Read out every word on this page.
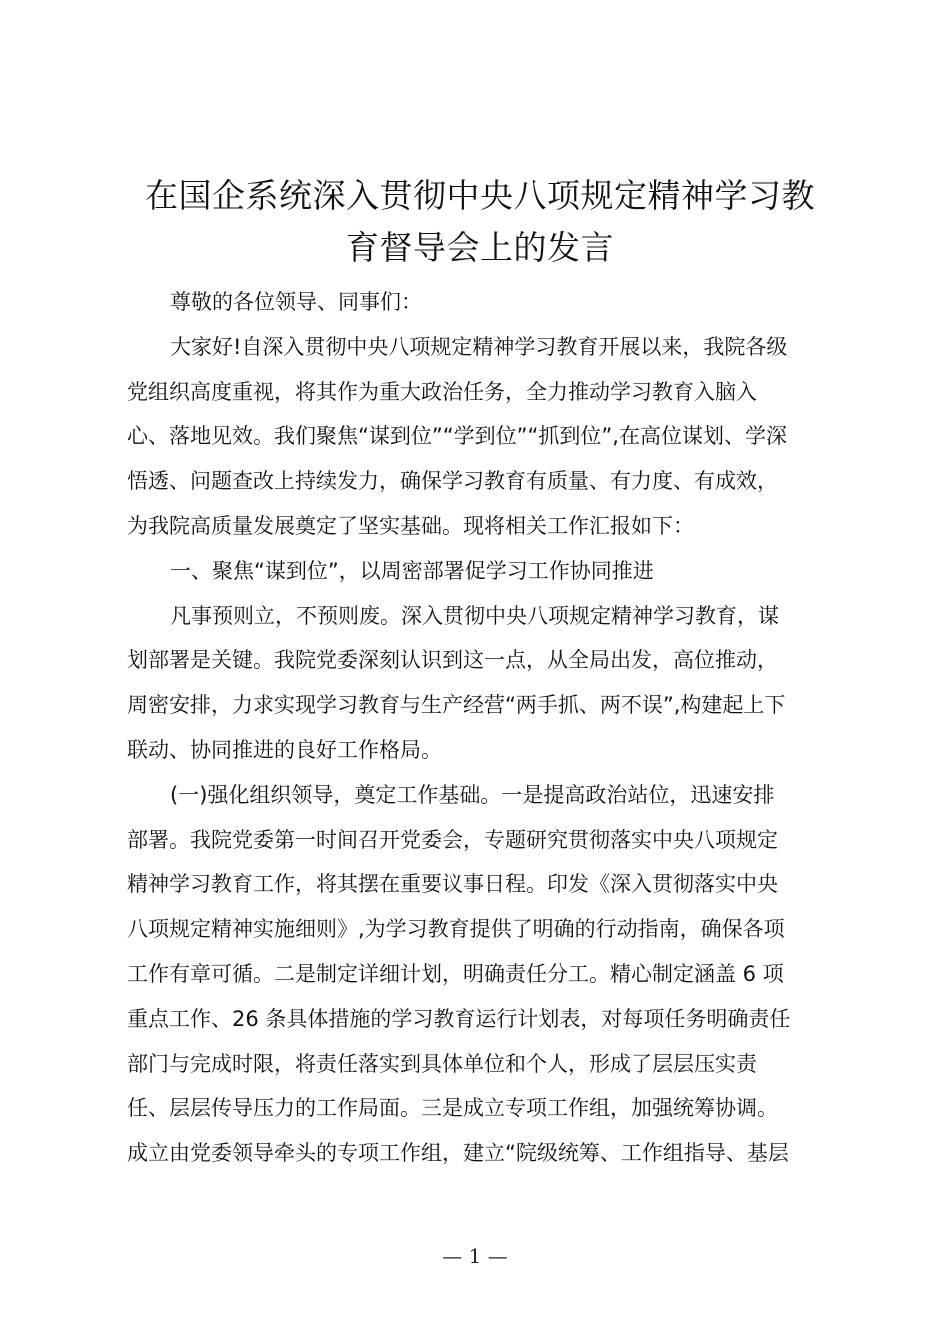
在国企系统深入贯彻中央八项规定精神学习教
育督导会上的发言
尊敬的各位领导、同事们：
大家好!自深入贯彻中央八项规定精神学习教育开展以来，我院各级
党组织高度重视，将其作为重大政治任务，全力推动学习教育入脑入
心、落地见效。我们聚焦“谋到位”“学到位”“抓到位”,在高位谋划、学深
悟透、问题查改上持续发力，确保学习教育有质量、有力度、有成效，
为我院高质量发展奠定了坚实基础。现将相关工作汇报如下：
一、聚焦“谋到位”，以周密部署促学习工作协同推进
凡事预则立，不预则废。深入贯彻中央八项规定精神学习教育，谋
划部署是关键。我院党委深刻认识到这一点，从全局出发，高位推动，
周密安排，力求实现学习教育与生产经营“两手抓、两不误”,构建起上下
联动、协同推进的良好工作格局。
(一)强化组织领导，奠定工作基础。一是提高政治站位，迅速安排
部署。我院党委第一时间召开党委会，专题研究贯彻落实中央八项规定
精神学习教育工作，将其摆在重要议事日程。印发《深入贯彻落实中央
八项规定精神实施细则》,为学习教育提供了明确的行动指南，确保各项
工作有章可循。二是制定详细计划，明确责任分工。精心制定涵盖 6 项
重点工作、26 条具体措施的学习教育运行计划表，对每项任务明确责任
部门与完成时限，将责任落实到具体单位和个人，形成了层层压实责
任、层层传导压力的工作局面。三是成立专项工作组，加强统筹协调。
成立由党委领导牵头的专项工作组，建立“院级统筹、工作组指导、基层
— 1 —
